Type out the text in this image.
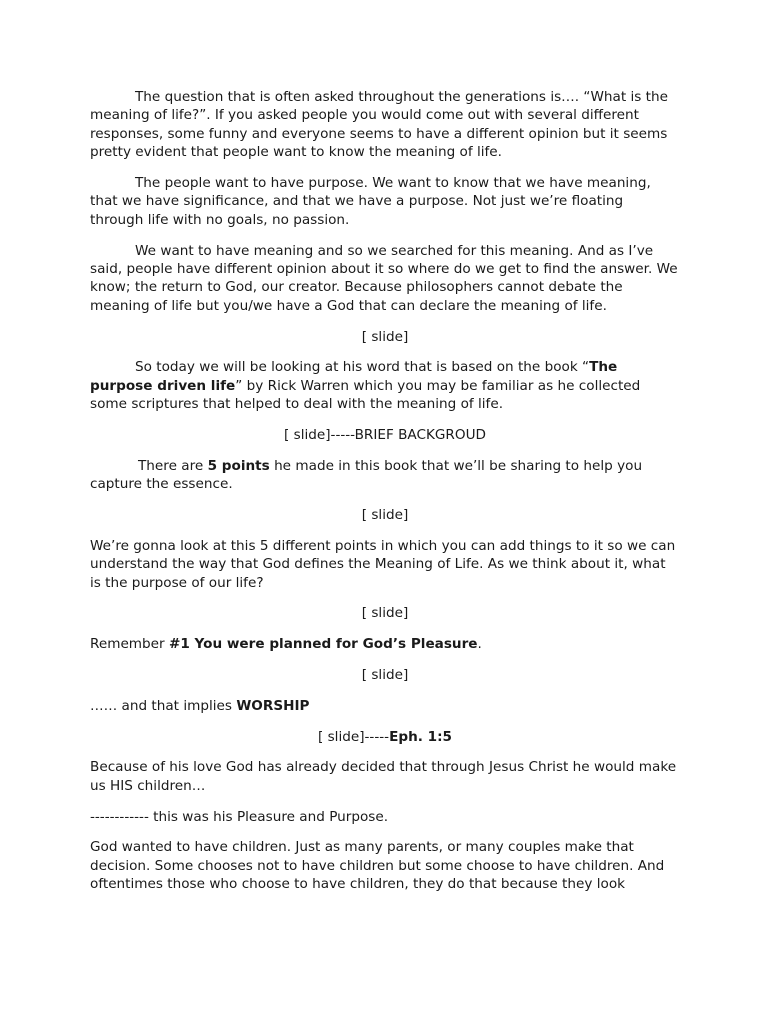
The question that is often asked throughout the generations is…. “What is the meaning of life?”. If you asked people you would come out with several different responses, some funny and everyone seems to have a different opinion but it seems pretty evident that people want to know the meaning of life.

The people want to have purpose. We want to know that we have meaning, that we have significance, and that we have a purpose. Not just we’re floating through life with no goals, no passion.

We want to have meaning and so we searched for this meaning. And as I’ve said, people have different opinion about it so where do we get to find the answer. We know; the return to God, our creator. Because philosophers cannot debate the meaning of life but you/we have a God that can declare the meaning of life.

[ slide]

So today we will be looking at his word that is based on the book “The purpose driven life” by Rick Warren which you may be familiar as he collected some scriptures that helped to deal with the meaning of life.

[ slide]-----BRIEF BACKGROUD

There are 5 points he made in this book that we’ll be sharing to help you capture the essence.

[ slide]

We’re gonna look at this 5 different points in which you can add things to it so we can understand the way that God defines the Meaning of Life. As we think about it, what is the purpose of our life?

[ slide]

Remember #1 You were planned for God’s Pleasure.

[ slide]

…… and that implies WORSHIP

[ slide]-----Eph. 1:5

Because of his love God has already decided that through Jesus Christ he would make us HIS children…

------------ this was his Pleasure and Purpose.

God wanted to have children. Just as many parents, or many couples make that decision. Some chooses not to have children but some choose to have children. And oftentimes those who choose to have children, they do that because they look
